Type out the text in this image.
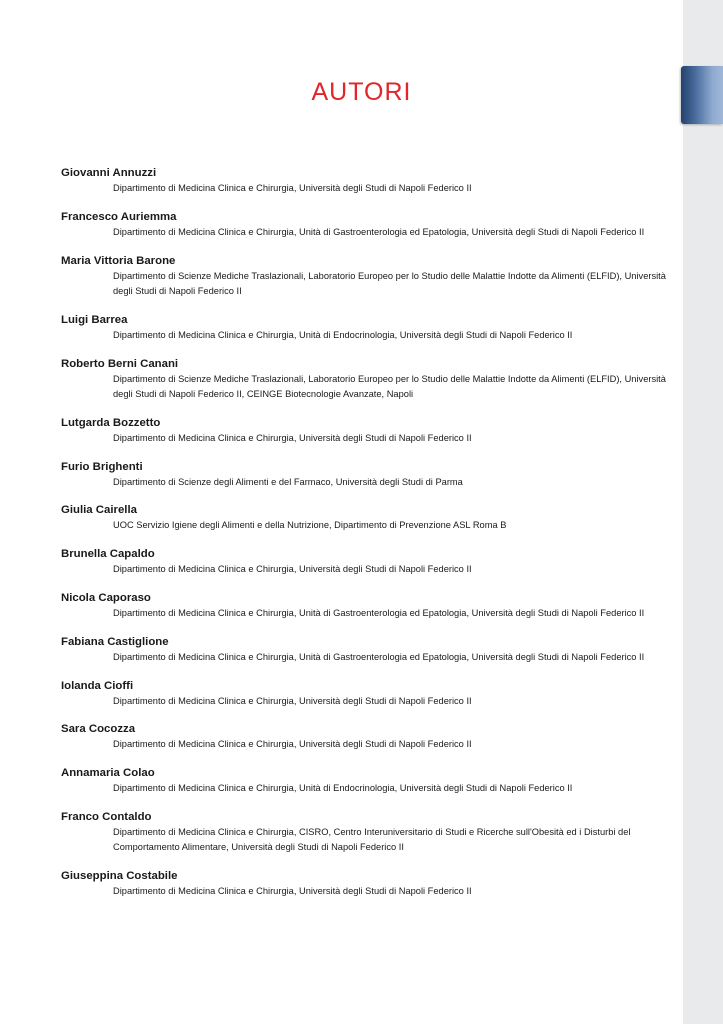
AUTORI
Giovanni Annuzzi
Dipartimento di Medicina Clinica e Chirurgia, Università degli Studi di Napoli Federico II
Francesco Auriemma
Dipartimento di Medicina Clinica e Chirurgia, Unità di Gastroenterologia ed Epatologia, Università degli Studi di Napoli Federico II
Maria Vittoria Barone
Dipartimento di Scienze Mediche Traslazionali, Laboratorio Europeo per lo Studio delle Malattie Indotte da Alimenti (ELFID), Università degli Studi di Napoli Federico II
Luigi Barrea
Dipartimento di Medicina Clinica e Chirurgia, Unità di Endocrinologia, Università degli Studi di Napoli Federico II
Roberto Berni Canani
Dipartimento di Scienze Mediche Traslazionali, Laboratorio Europeo per lo Studio delle Malattie Indotte da Alimenti (ELFID), Università degli Studi di Napoli Federico II, CEINGE Biotecnologie Avanzate, Napoli
Lutgarda Bozzetto
Dipartimento di Medicina Clinica e Chirurgia, Università degli Studi di Napoli Federico II
Furio Brighenti
Dipartimento di Scienze degli Alimenti e del Farmaco, Università degli Studi di Parma
Giulia Cairella
UOC Servizio Igiene degli Alimenti e della Nutrizione, Dipartimento di Prevenzione ASL Roma B
Brunella Capaldo
Dipartimento di Medicina Clinica e Chirurgia, Università degli Studi di Napoli Federico II
Nicola Caporaso
Dipartimento di Medicina Clinica e Chirurgia, Unità di Gastroenterologia ed Epatologia, Università degli Studi di Napoli Federico II
Fabiana Castiglione
Dipartimento di Medicina Clinica e Chirurgia, Unità di Gastroenterologia ed Epatologia, Università degli Studi di Napoli Federico II
Iolanda Cioffi
Dipartimento di Medicina Clinica e Chirurgia, Università degli Studi di Napoli Federico II
Sara Cocozza
Dipartimento di Medicina Clinica e Chirurgia, Università degli Studi di Napoli Federico II
Annamaria Colao
Dipartimento di Medicina Clinica e Chirurgia, Unità di Endocrinologia, Università degli Studi di Napoli Federico II
Franco Contaldo
Dipartimento di Medicina Clinica e Chirurgia, CISRO, Centro Interuniversitario di Studi e Ricerche sull'Obesità ed i Disturbi del Comportamento Alimentare, Università degli Studi di Napoli Federico II
Giuseppina Costabile
Dipartimento di Medicina Clinica e Chirurgia, Università degli Studi di Napoli Federico II
